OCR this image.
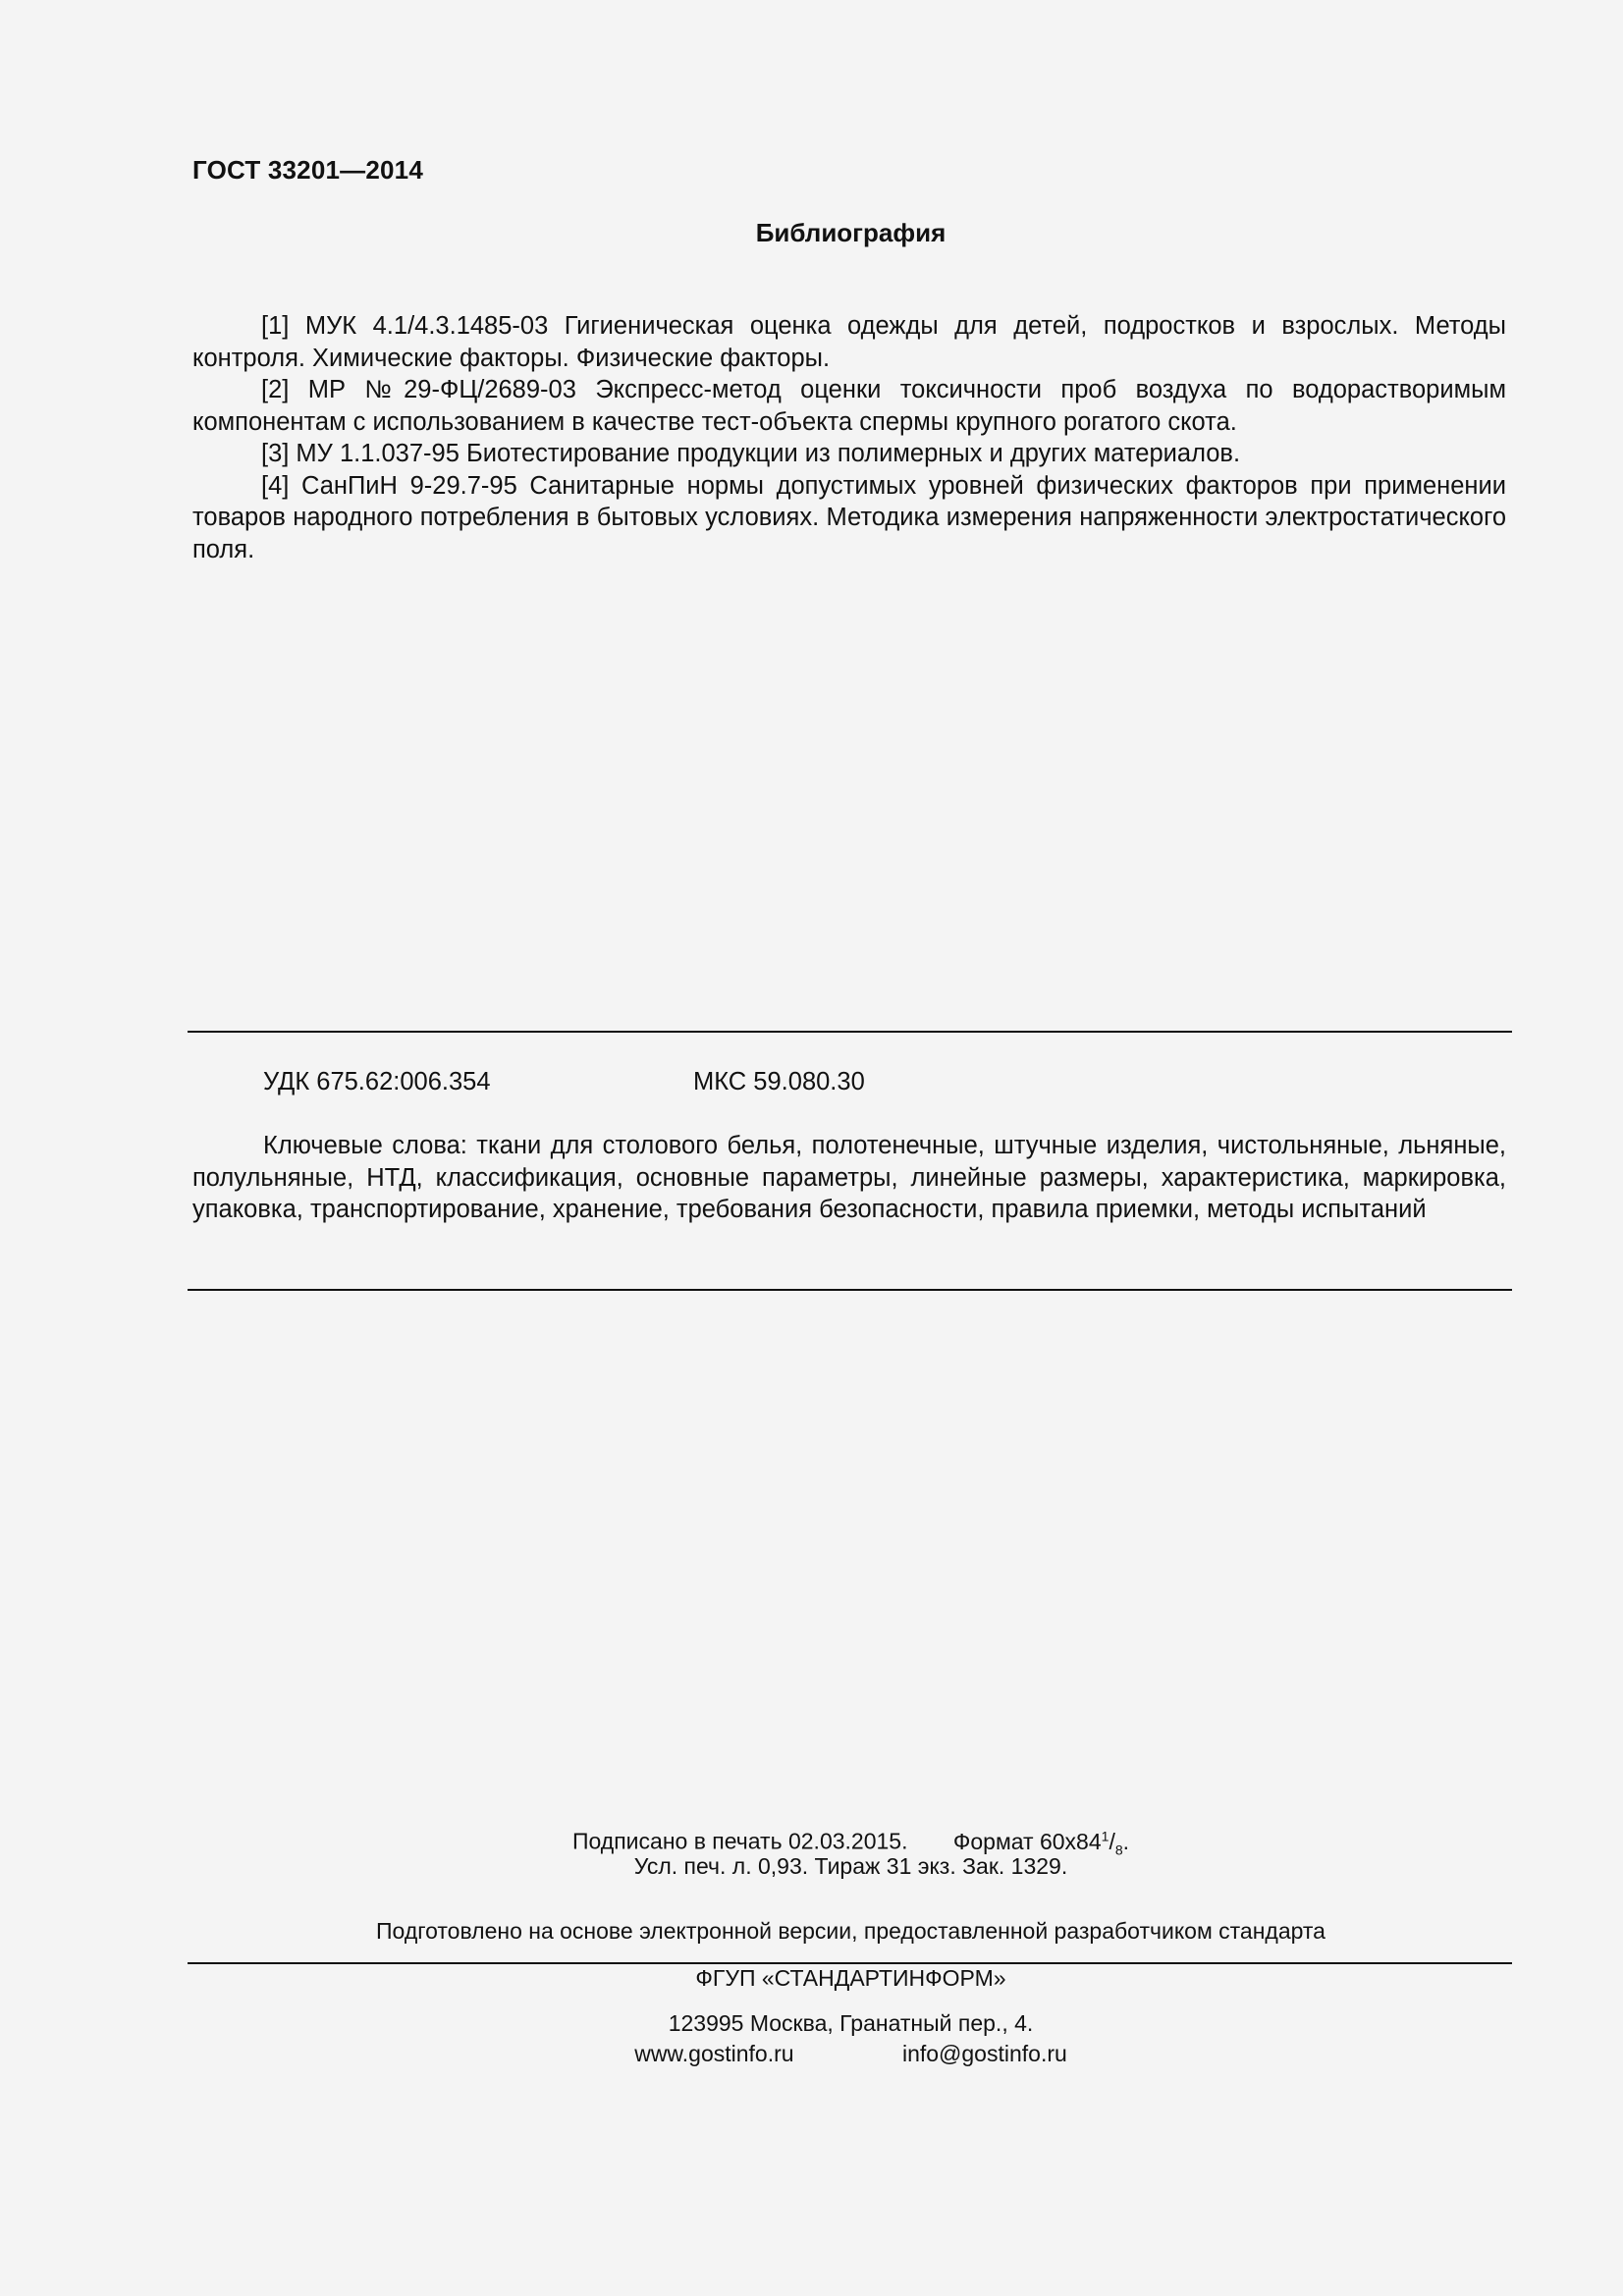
ГОСТ 33201—2014
Библиография

[1] МУК 4.1/4.3.1485-03 Гигиеническая оценка одежды для детей, подростков и взрослых. Методы контроля. Химические факторы. Физические факторы.

[2] МР №29-ФЦ/2689-03 Экспресс-метод оценки токсичности проб воздуха по водорастворимым компонентам с использованием в качестве тест-объекта спермы крупного рогатого скота.

[3] МУ 1.1.037-95 Биотестирование продукции из полимерных и других материалов.

[4] СанПиН 9-29.7-95 Санитарные нормы допустимых уровней физических факторов при применении товаров народного потребления в бытовых условиях. Методика измерения напряженности электростатического поля.

УДК 675.62:006.354	МКС 59.080.30

Ключевые слова: ткани для столового белья, полотенечные, штучные изделия, чистольняные, льняные, полульняные, НТД, классификация, основные параметры, линейные размеры, характеристика, маркировка, упаковка, транспортирование, хранение, требования безопасности, правила приемки, методы испытаний

Подписано в печать 02.03.2015. Формат $60x84^1/_8$.
Усл. печ. л. 0,93. Тираж 31 экз. Зак. 1329.
Подготовлено на основе электронной версии, предоставленной разработчиком стандарта
ФГУП «СТАНДАРТИНФОРМ»
123995 Москва, Гранатный пер., 4.
www.gostinfo.ru	info@gostinfo.ru
